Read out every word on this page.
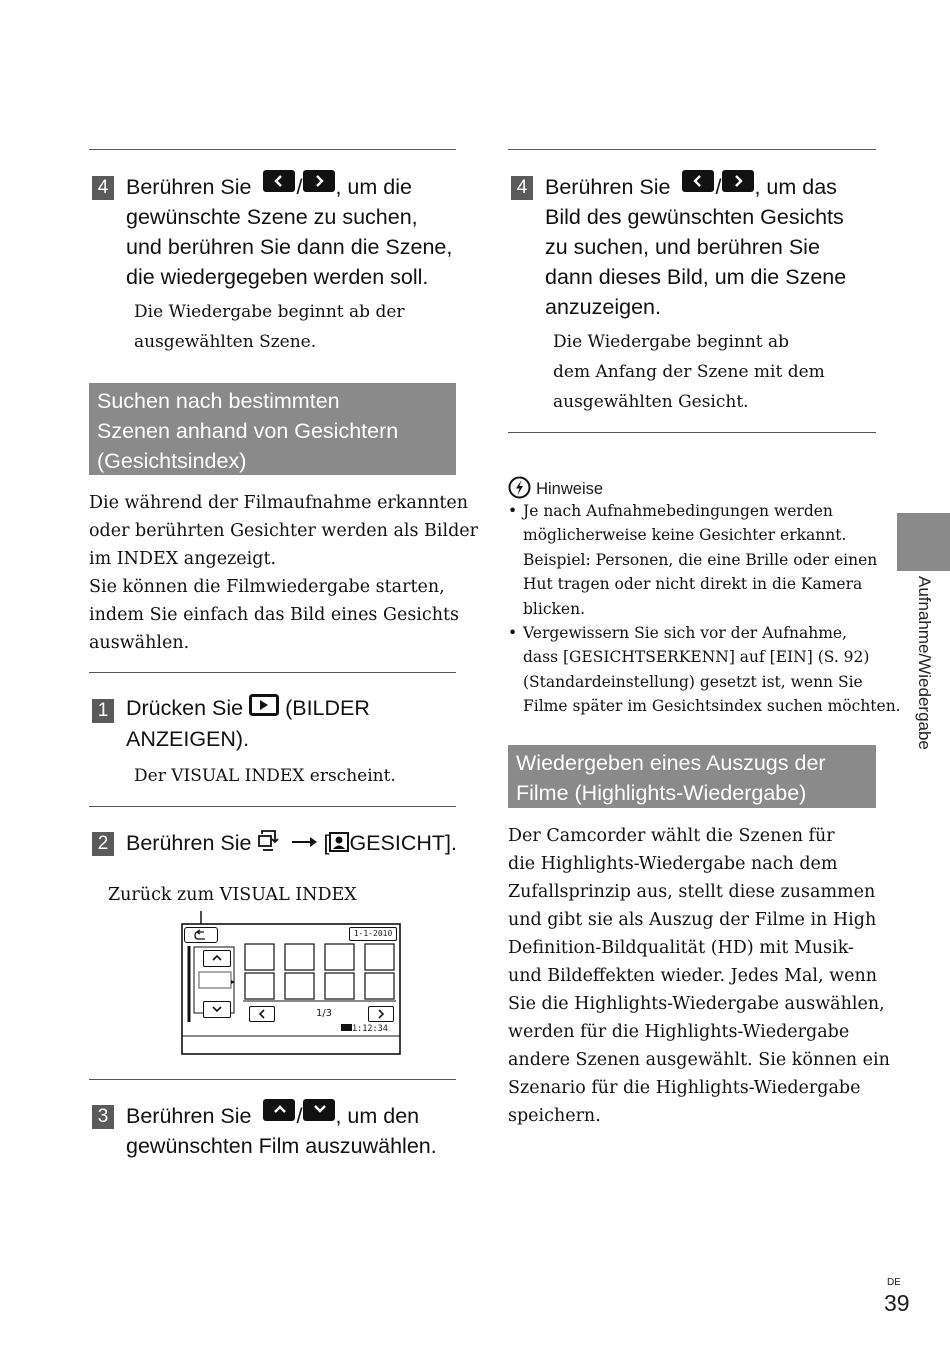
4 Berühren Sie / , um die
gewünschte Szene zu suchen,
und berühren Sie dann die Szene,
die wiedergegeben werden soll.
Die Wiedergabe beginnt ab der
ausgewählten Szene.
Suchen nach bestimmten
Szenen anhand von Gesichtern
(Gesichtsindex)
Die während der Filmaufnahme erkannten
oder berührten Gesichter werden als Bilder
im INDEX angezeigt.
Sie können die Filmwiedergabe starten,
indem Sie einfach das Bild eines Gesichts
auswählen.
1 Drücken Sie (BILDER
ANZEIGEN).
Der VISUAL INDEX erscheint.
2 Berühren Sie	[ GESICHT].
Zurück zum VISUAL INDEX
1-1-2010
1/3
1:12:34
3 Berühren Sie / , um den
gewünschten Film auszuwählen.
4 Berühren Sie / , um das
Bild des gewünschten Gesichts
zu suchen, und berühren Sie
dann dieses Bild, um die Szene
anzuzeigen.
Die Wiedergabe beginnt ab
dem Anfang der Szene mit dem
ausgewählten Gesicht.
Hinweise
• Je nach Aufnahmebedingungen werden
möglicherweise keine Gesichter erkannt.
Beispiel: Personen, die eine Brille oder einen
Hut tragen oder nicht direkt in die Kamera
blicken.
• Vergewissern Sie sich vor der Aufnahme,
dass [GESICHTSERKENN] auf [EIN] (S. 92)
(Standardeinstellung) gesetzt ist, wenn Sie
Filme später im Gesichtsindex suchen möchten.
Wiedergeben eines Auszugs der
Filme (Highlights-Wiedergabe)
Der Camcorder wählt die Szenen für
die Highlights-Wiedergabe nach dem
Zufallsprinzip aus, stellt diese zusammen
und gibt sie als Auszug der Filme in High
Definition-Bildqualität (HD) mit Musik-
und Bildeffekten wieder. Jedes Mal, wenn
Sie die Highlights-Wiedergabe auswählen,
werden für die Highlights-Wiedergabe
andere Szenen ausgewählt. Sie können ein
Szenario für die Highlights-Wiedergabe
speichern.
Aufnahme/Wiedergabe
DE
39
